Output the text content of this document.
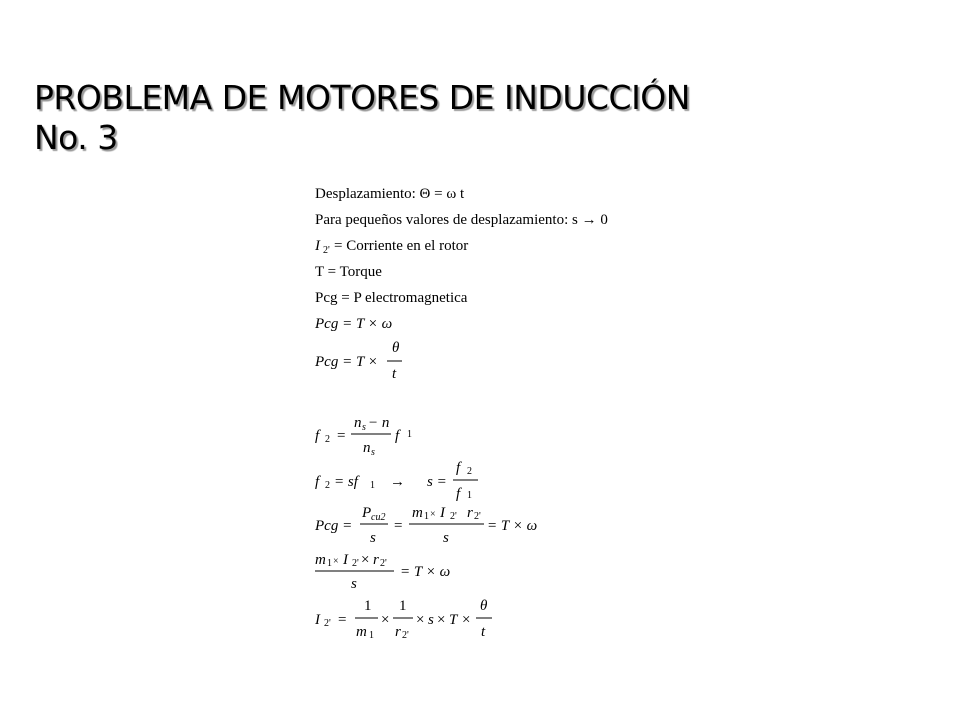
PROBLEMA DE MOTORES DE INDUCCIÓN
No. 3
Desplazamiento: Θ = ω t
Para pequeños valores de desplazamiento: s → 0
I 2' = Corriente en el rotor
T = Torque
Pcg = P electromagnetica
Pcg = T × ω
Pcg = T ×
θ
t
f 2 =
n s − n
n s
f 1
f 2 = sf 1 → s =
f 2
f 1
Pcg =
P cu2
s
=
m 1 × I 2' r 2'
s
= T × ω
m 1 × I 2' × r 2'
s
= T × ω
I 2' =
1
m 1
×
1
r 2'
× s × T ×
θ
t
